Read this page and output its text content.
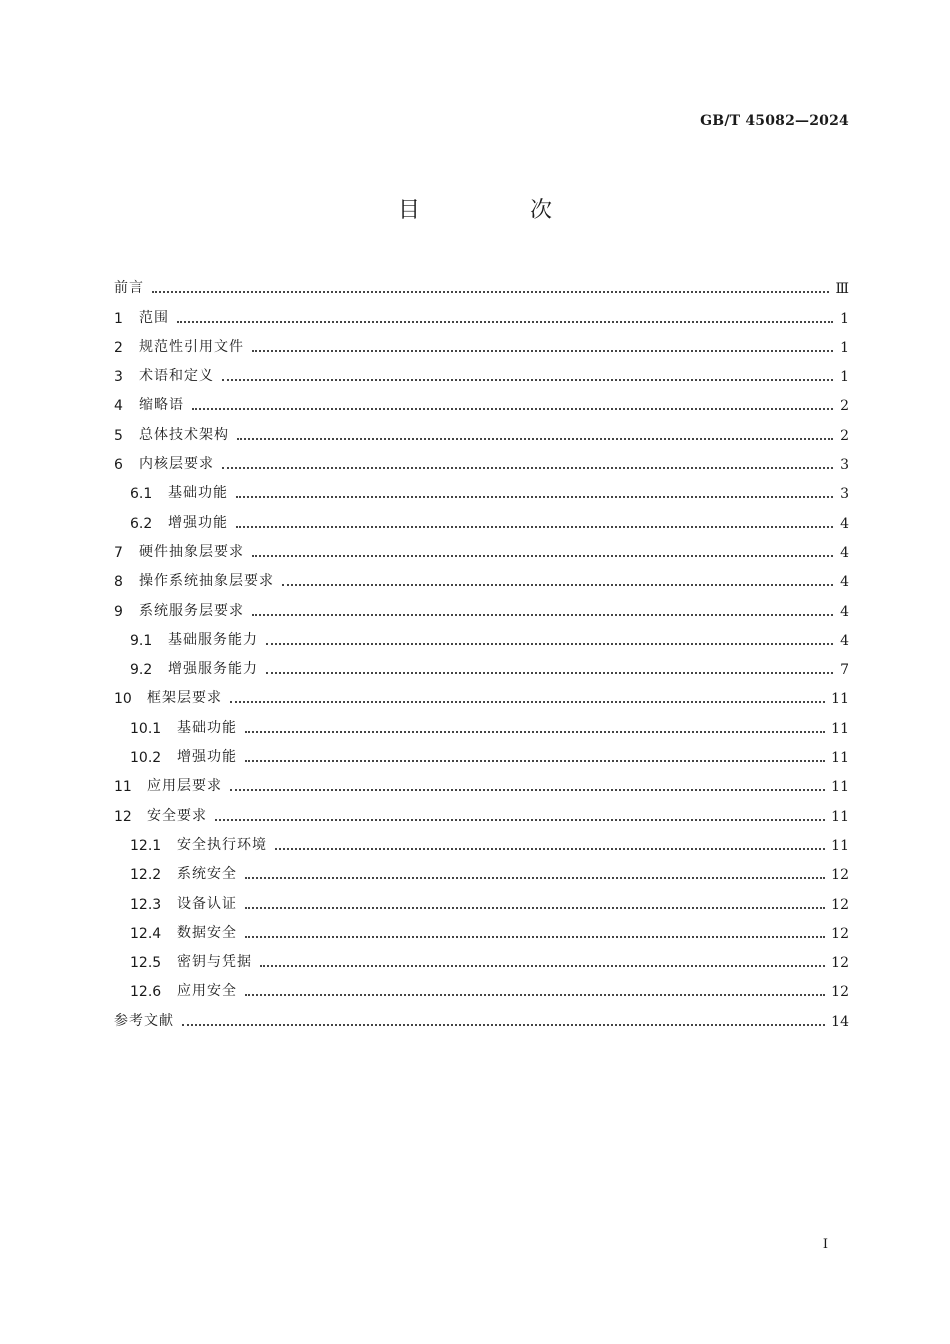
GB/T 45082—2024
目　次
前言	Ⅲ
1	范围	1
2	规范性引用文件	1
3	术语和定义	1
4	缩略语	2
5	总体技术架构	2
6	内核层要求	3
6.1	基础功能	3
6.2	增强功能	4
7	硬件抽象层要求	4
8	操作系统抽象层要求	4
9	系统服务层要求	4
9.1	基础服务能力	4
9.2	增强服务能力	7
10	框架层要求	11
10.1	基础功能	11
10.2	增强功能	11
11	应用层要求	11
12	安全要求	11
12.1	安全执行环境	11
12.2	系统安全	12
12.3	设备认证	12
12.4	数据安全	12
12.5	密钥与凭据	12
12.6	应用安全	12
参考文献	14
I
